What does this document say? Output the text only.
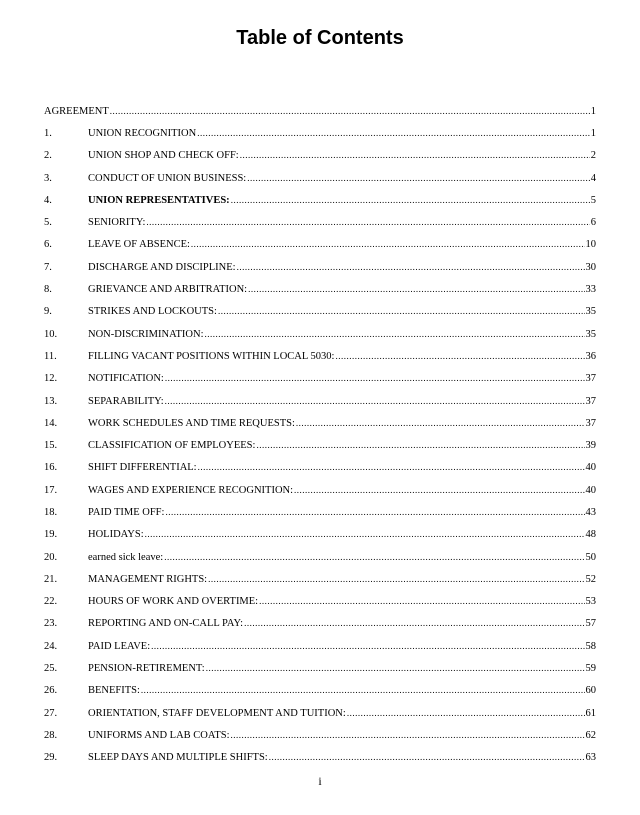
Table of Contents
AGREEMENT .....	1
1.	UNION RECOGNITION .....	1
2.	UNION SHOP AND CHECK OFF: .....	2
3.	CONDUCT OF UNION BUSINESS: .....	4
4.	UNION REPRESENTATIVES: .....	5
5.	SENIORITY: .....	6
6.	LEAVE OF ABSENCE: .....	10
7.	DISCHARGE AND DISCIPLINE: .....	30
8.	GRIEVANCE AND ARBITRATION: .....	33
9.	STRIKES AND LOCKOUTS: .....	35
10.	NON-DISCRIMINATION: .....	35
11.	FILLING VACANT POSITIONS WITHIN LOCAL 5030: .....	36
12.	NOTIFICATION: .....	37
13.	SEPARABILITY: .....	37
14.	WORK SCHEDULES AND TIME REQUESTS: .....	37
15.	CLASSIFICATION OF EMPLOYEES: .....	39
16.	SHIFT DIFFERENTIAL: .....	40
17.	WAGES AND EXPERIENCE RECOGNITION: .....	40
18.	PAID TIME OFF: .....	43
19.	HOLIDAYS: .....	48
20.	earned sick leave: .....	50
21.	MANAGEMENT RIGHTS: .....	52
22.	HOURS OF WORK AND OVERTIME: .....	53
23.	REPORTING AND ON-CALL PAY: .....	57
24.	PAID LEAVE: .....	58
25.	PENSION-RETIREMENT: .....	59
26.	BENEFITS: .....	60
27.	ORIENTATION, STAFF DEVELOPMENT AND TUITION: .....	61
28.	UNIFORMS AND LAB COATS: .....	62
29.	SLEEP DAYS AND MULTIPLE SHIFTS: .....	63
i
